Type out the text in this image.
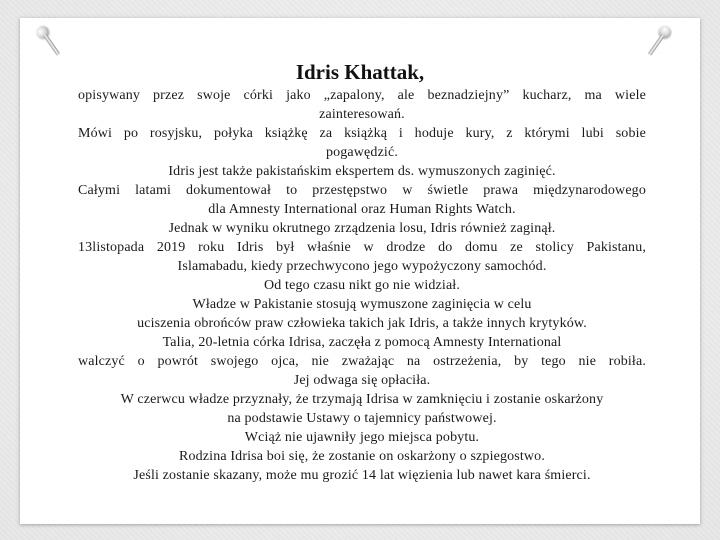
Idris Khattak,
opisywany przez swoje córki jako „zapalony, ale beznadziejny” kucharz, ma wiele
zainteresowań.
Mówi po rosyjsku, połyka książkę za książką i hoduje kury, z którymi lubi sobie
pogawędzić.
Idris jest także pakistańskim ekspertem ds. wymuszonych zaginięć.
Całymi latami dokumentował to przestępstwo w świetle prawa międzynarodowego
dla Amnesty International oraz Human Rights Watch.
Jednak w wyniku okrutnego zrządzenia losu, Idris również zaginął.
13listopada 2019 roku Idris był właśnie w drodze do domu ze stolicy Pakistanu,
Islamabadu, kiedy przechwycono jego wypożyczony samochód.
Od tego czasu nikt go nie widział.
Władze w Pakistanie stosują wymuszone zaginięcia w celu
uciszenia obrońców praw człowieka takich jak Idris, a także innych krytyków.
Talia, 20-letnia córka Idrisa, zaczęła z pomocą Amnesty International
walczyć o powrót swojego ojca, nie zważając na ostrzeżenia, by tego nie robiła.
Jej odwaga się opłaciła.
W czerwcu władze przyznały, że trzymają Idrisa w zamknięciu i zostanie oskarżony
na podstawie Ustawy o tajemnicy państwowej.
Wciąż nie ujawniły jego miejsca pobytu.
Rodzina Idrisa boi się, że zostanie on oskarżony o szpiegostwo.
Jeśli zostanie skazany, może mu grozić 14 lat więzienia lub nawet kara śmierci.
